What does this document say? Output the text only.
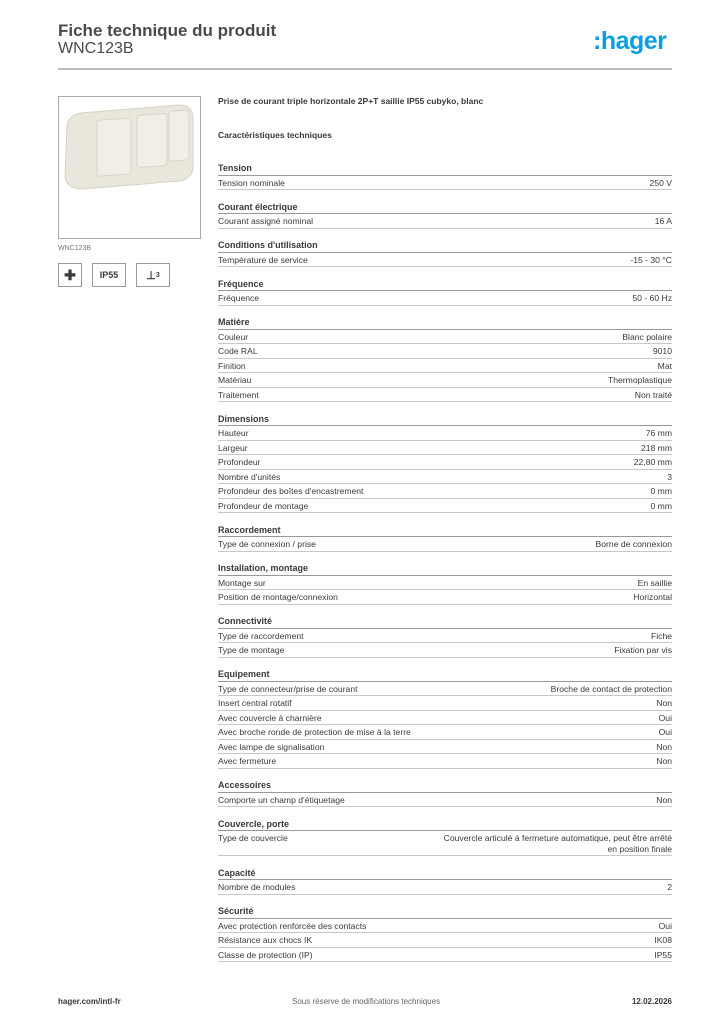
Fiche technique du produit
WNC123B	:hager
WNC123B
✚	IP55	⊥ 3
Prise de courant triple horizontale 2P+T saillie IP55 cubyko, blanc
Caractéristiques techniques
Tension
Tension nominale	250 V
Courant électrique
Courant assigné nominal	16 A
Conditions d'utilisation
Température de service	-15 - 30 °C
Fréquence
Fréquence	50 - 60 Hz
Matière
Couleur	Blanc polaire
Code RAL	9010
Finition	Mat
Matériau	Thermoplastique
Traitement	Non traité
Dimensions
Hauteur	76 mm
Largeur	218 mm
Profondeur	22,80 mm
Nombre d'unités	3
Profondeur des boîtes d'encastrement	0 mm
Profondeur de montage	0 mm
Raccordement
Type de connexion / prise	Borne de connexion
Installation, montage
Montage sur	En saillie
Position de montage/connexion	Horizontal
Connectivité
Type de raccordement	Fiche
Type de montage	Fixation par vis
Equipement
Type de connecteur/prise de courant	Broche de contact de protection
Insert central rotatif	Non
Avec couvercle à charnière	Oui
Avec broche ronde de protection de mise à la terre	Oui
Avec lampe de signalisation	Non
Avec fermeture	Non
Accessoires
Comporte un champ d'étiquetage	Non
Couvercle, porte
Type de couvercle	Couvercle articulé à fermeture automatique, peut être arrêté en position finale
Capacité
Nombre de modules	2
Sécurité
Avec protection renforcée des contacts	Oui
Résistance aux chocs IK	IK08
Classe de protection (IP)	IP55
hager.com/intl-fr	Sous réserve de modifications techniques	12.02.2026
